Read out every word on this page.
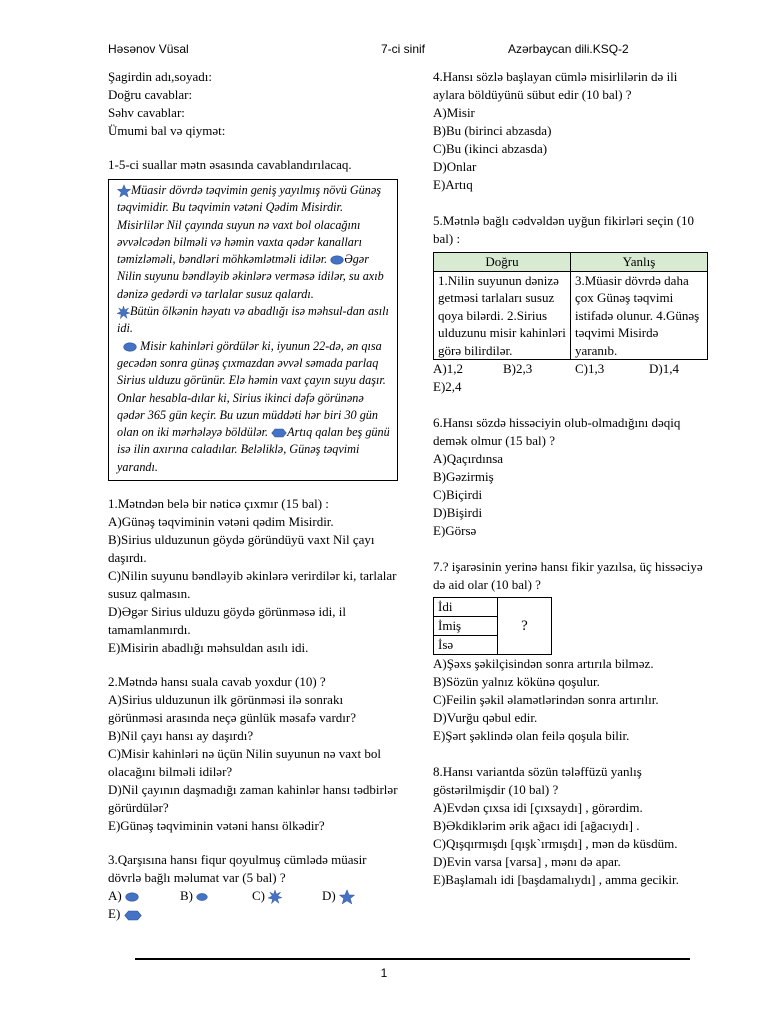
Həsənov Vüsal	7-ci sinif	Azərbaycan dili.KSQ-2

Şagirdin adı,soyadı:

Doğru cavablar:

Səhv cavablar:

Ümumi bal və qiymət:

1-5-ci suallar mətn əsasında cavablandırılacaq.

Müasir dövrdə təqvimin geniş yayılmış növü Günəş təqvimidir. Bu təqvimin vətəni Qədim Misirdir. Misirlilər Nil çayında suyun nə vaxt bol olacağını əvvəlcədən bilməli və həmin vaxta qədər kanalları təmizləməli, bəndləri möhkəmlətməli idilər. Əgər Nilin suyunu bəndləyib əkinlərə verməsə idilər, su axıb dənizə gedərdi və tarlalar susuz qalardı.

Bütün ölkənin həyatı və abadlığı isə məhsul-dan asılı idi.

Misir kahinləri gördülər ki, iyunun 22-də, ən qısa gecədən sonra günəş çıxmazdan əvvəl səmada parlaq Sirius ulduzu görünür. Elə həmin vaxt çayın suyu daşır. Onlar hesabla-dılar ki, Sirius ikinci dəfə görünənə qədər 365 gün keçir. Bu uzun müddəti hər biri 30 gün olan on iki mərhələyə böldülər. Artıq qalan beş günü isə ilin axırına caladılar. Beləliklə, Günəş təqvimi yarandı.

1.Mətndən belə bir nəticə çıxmır (15 bal) :

A)Günəş təqviminin vətəni qədim Misirdir.

B)Sirius ulduzunun göydə göründüyü vaxt Nil çayı daşırdı.

C)Nilin suyunu bəndləyib əkinlərə verirdilər ki, tarlalar susuz qalmasın.

D)Əgər Sirius ulduzu göydə görünməsə idi, il tamamlanmırdı.

E)Misirin abadlığı məhsuldan asılı idi.

2.Mətndə hansı suala cavab yoxdur (10) ?

A)Sirius ulduzunun ilk görünməsi ilə sonrakı görünməsi arasında neçə günlük məsafə vardır?

B)Nil çayı hansı ay daşırdı?

C)Misir kahinləri nə üçün Nilin suyunun nə vaxt bol olacağını bilməli idilər?

D)Nil çayının daşmadığı zaman kahinlər hansı tədbirlər görürdülər?

E)Günəş təqviminin vətəni hansı ölkədir?

3.Qarşısına hansı fiqur qoyulmuş cümlədə müasir dövrlə bağlı məlumat var (5 bal) ?

A)	B)	C)	D)

E)

4.Hansı sözlə başlayan cümlə misirlilərin də ili aylara böldüyünü sübut edir (10 bal) ?

A)Misir

B)Bu (birinci abzasda)

C)Bu (ikinci abzasda)

D)Onlar

E)Artıq

5.Mətnlə bağlı cədvəldən uyğun fikirləri seçin (10 bal) :

Doğru	Yanlış
1.Nilin suyunun dənizə getməsi tarlaları susuz qoya bilərdi. 2.Sirius ulduzunu misir kahinləri görə bilirdilər.	3.Müasir dövrdə daha çox Günəş təqvimi istifadə olunur. 4.Günəş təqvimi Misirdə yaranıb.

A)1,2	B)2,3	C)1,3	D)1,4

E)2,4

6.Hansı sözdə hissəciyin olub-olmadığını dəqiq demək olmur (15 bal) ?

A)Qaçırdınsa

B)Gəzirmiş

C)Biçirdi

D)Bişirdi

E)Görsə

7.? işarəsinin yerinə hansı fikir yazılsa, üç hissəciyə də aid olar (10 bal) ?

İdi	?
İmiş
İsə

A)Şəxs şəkilçisindən sonra artırıla bilməz.

B)Sözün yalnız kökünə qoşulur.

C)Feilin şəkil əlamətlərindən sonra artırılır.

D)Vurğu qəbul edir.

E)Şərt şəklində olan feilə qoşula bilir.

8.Hansı variantda sözün tələffüzü yanlış göstərilmişdir (10 bal) ?

A)Evdən çıxsa idi [çıxsaydı] , görərdim.

B)Əkdiklərim ərik ağacı idi [ağacıydı] .

C)Qışqırmışdı [qışk`ırmışdı] , mən də küsdüm.

D)Evin varsa [varsa] , mənı də apar.

E)Başlamalı idi [başdamalıydı] , amma gecikir.

1
